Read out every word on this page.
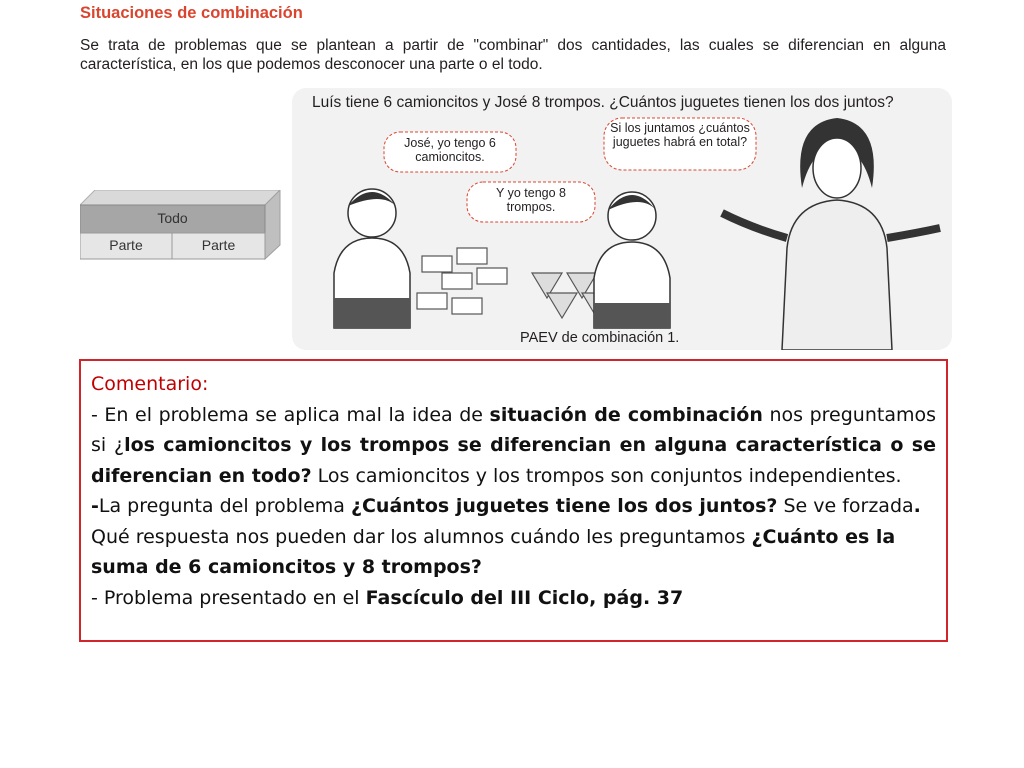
Situaciones de combinación
Se trata de problemas que se plantean a partir de "combinar" dos cantidades, las cuales se diferencian en alguna característica, en los que podemos desconocer una parte o el todo.
Todo
Parte	Parte
Luís tiene 6 camioncitos y José 8 trompos. ¿Cuántos juguetes tienen los dos juntos?
José, yo tengo 6 camioncitos.
Y yo tengo 8 trompos.
Si los juntamos ¿cuántos juguetes habrá en total?
PAEV de combinación 1.

Comentario:

- En el problema se aplica mal la idea de situación de combinación nos preguntamos si ¿los camioncitos y los trompos se diferencian en alguna característica o se diferencian en todo? Los camioncitos y los trompos son conjuntos independientes.

-La pregunta del problema ¿Cuántos juguetes tiene los dos juntos? Se ve forzada. Qué respuesta nos pueden dar los alumnos cuándo les preguntamos ¿Cuánto es la suma de 6 camioncitos y 8 trompos?

- Problema presentado en el Fascículo del III Ciclo, pág. 37
